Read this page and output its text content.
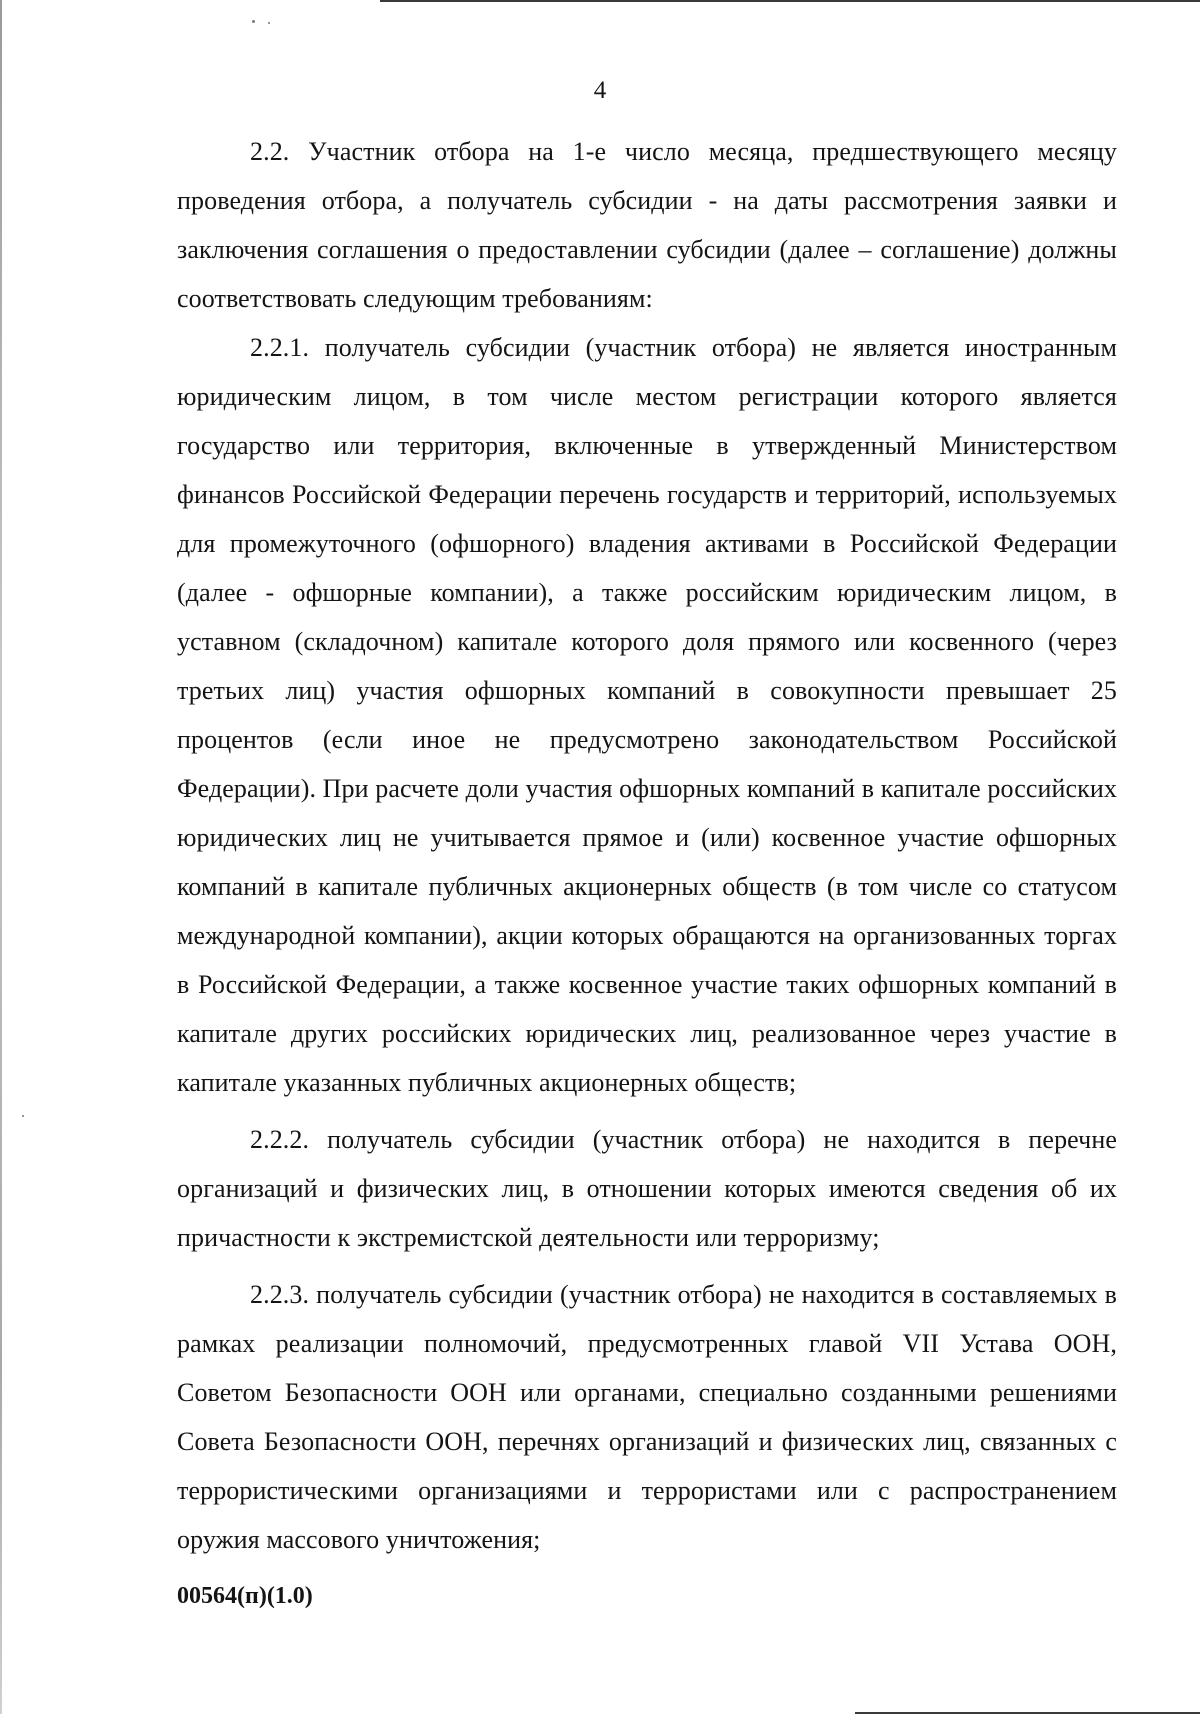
4

2.2. Участник отбора на 1-е число месяца, предшествующего месяцу проведения отбора, а получатель субсидии - на даты рассмотрения заявки и заключения соглашения о предоставлении субсидии (далее – соглашение) должны соответствовать следующим требованиям:

2.2.1. получатель субсидии (участник отбора) не является иностранным юридическим лицом, в том числе местом регистрации которого является государство или территория, включенные в утвержденный Министерством финансов Российской Федерации перечень государств и территорий, используемых для промежуточного (офшорного) владения активами в Российской Федерации (далее - офшорные компании), а также российским юридическим лицом, в уставном (складочном) капитале которого доля прямого или косвенного (через третьих лиц) участия офшорных компаний в совокупности превышает 25 процентов (если иное не предусмотрено законодательством Российской Федерации). При расчете доли участия офшорных компаний в капитале российских юридических лиц не учитывается прямое и (или) косвенное участие офшорных компаний в капитале публичных акционерных обществ (в том числе со статусом международной компании), акции которых обращаются на организованных торгах в Российской Федерации, а также косвенное участие таких офшорных компаний в капитале других российских юридических лиц, реализованное через участие в капитале указанных публичных акционерных обществ;

2.2.2. получатель субсидии (участник отбора) не находится в перечне организаций и физических лиц, в отношении которых имеются сведения об их причастности к экстремистской деятельности или терроризму;

2.2.3. получатель субсидии (участник отбора) не находится в составляемых в рамках реализации полномочий, предусмотренных главой VII Устава ООН, Советом Безопасности ООН или органами, специально созданными решениями Совета Безопасности ООН, перечнях организаций и физических лиц, связанных с террористическими организациями и террористами или с распространением оружия массового уничтожения;

00564(п)(1.0)
